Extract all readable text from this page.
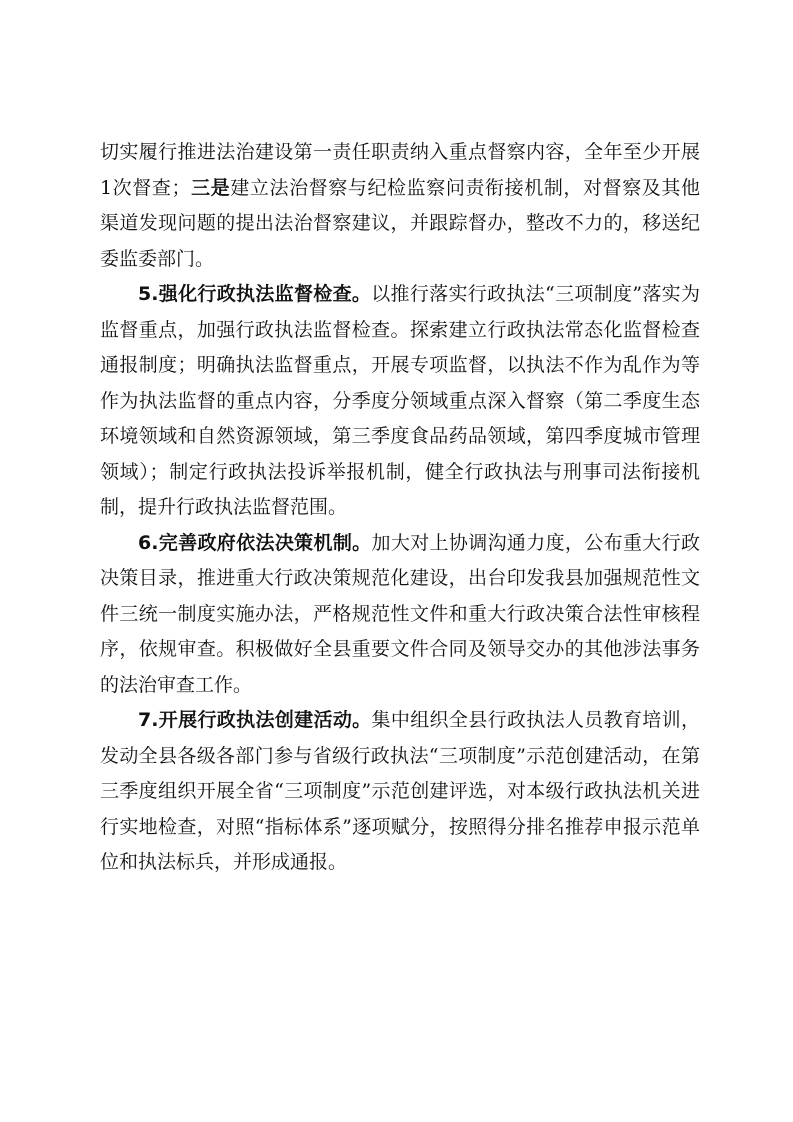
切实履行推进法治建设第一责任职责纳入重点督察内容，全年至少开展1次督查；三是建立法治督察与纪检监察问责衔接机制，对督察及其他渠道发现问题的提出法治督察建议，并跟踪督办，整改不力的，移送纪委监委部门。

5.强化行政执法监督检查。以推行落实行政执法“三项制度”落实为监督重点，加强行政执法监督检查。探索建立行政执法常态化监督检查通报制度；明确执法监督重点，开展专项监督，以执法不作为乱作为等作为执法监督的重点内容，分季度分领域重点深入督察（第二季度生态环境领域和自然资源领域，第三季度食品药品领域，第四季度城市管理领域）；制定行政执法投诉举报机制，健全行政执法与刑事司法衔接机制，提升行政执法监督范围。

6.完善政府依法决策机制。加大对上协调沟通力度，公布重大行政决策目录，推进重大行政决策规范化建设，出台印发我县加强规范性文件三统一制度实施办法，严格规范性文件和重大行政决策合法性审核程序，依规审查。积极做好全县重要文件合同及领导交办的其他涉法事务的法治审查工作。

7.开展行政执法创建活动。集中组织全县行政执法人员教育培训，发动全县各级各部门参与省级行政执法“三项制度”示范创建活动，在第三季度组织开展全省“三项制度”示范创建评选，对本级行政执法机关进行实地检查，对照“指标体系”逐项赋分，按照得分排名推荐申报示范单位和执法标兵，并形成通报。
